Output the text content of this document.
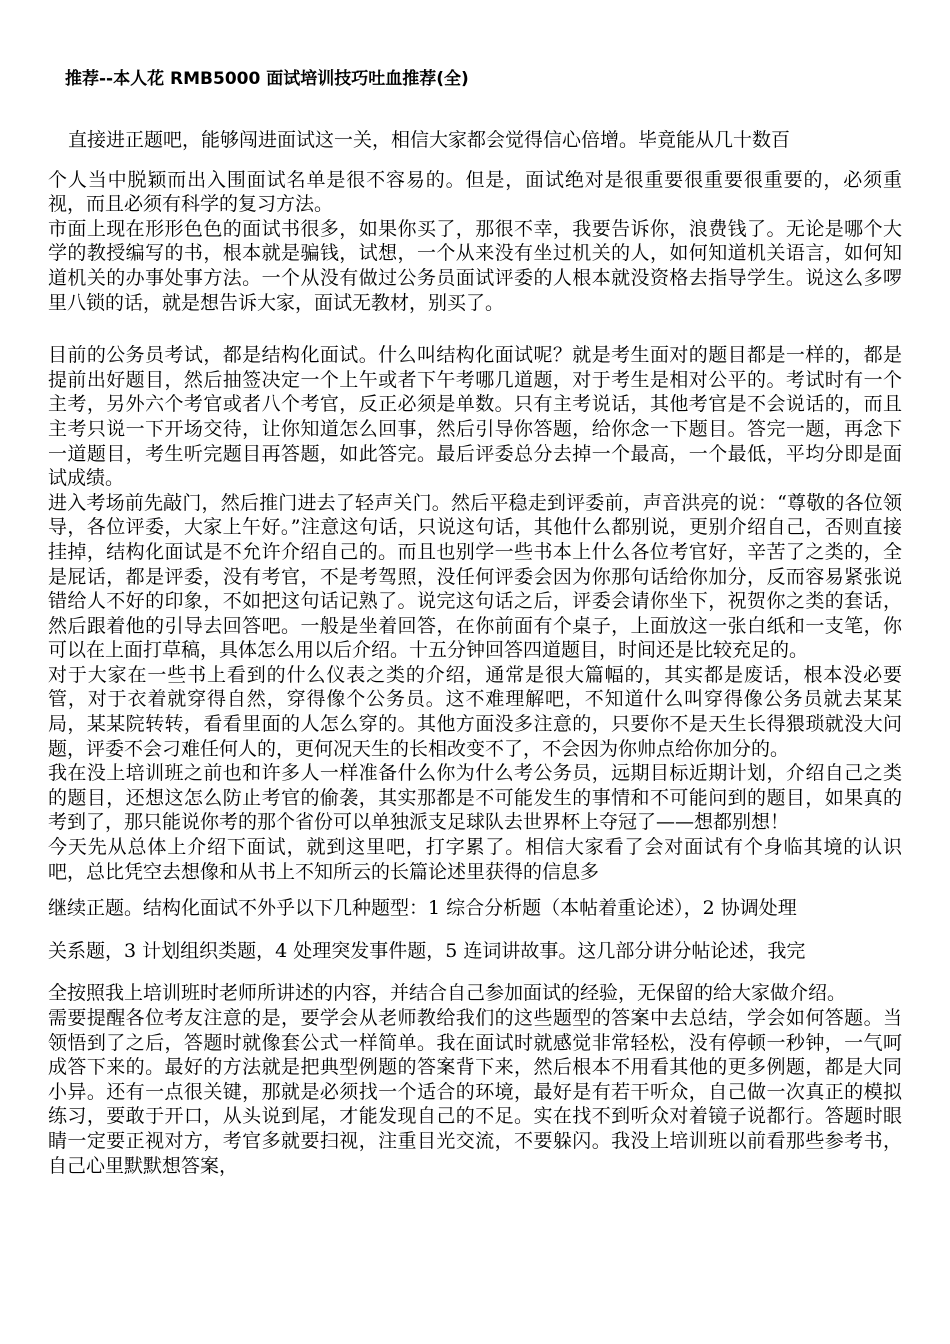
推荐--本人花 RMB5000 面试培训技巧吐血推荐(全)

直接进正题吧，能够闯进面试这一关，相信大家都会觉得信心倍增。毕竟能从几十数百

个人当中脱颖而出入围面试名单是很不容易的。但是，面试绝对是很重要很重要很重要的，必须重视，而且必须有科学的复习方法。

市面上现在形形色色的面试书很多，如果你买了，那很不幸，我要告诉你，浪费钱了。无论是哪个大学的教授编写的书，根本就是骗钱，试想，一个从来没有坐过机关的人，如何知道机关语言，如何知道机关的办事处事方法。一个从没有做过公务员面试评委的人根本就没资格去指导学生。说这么多啰里八锁的话，就是想告诉大家，面试无教材，别买了。

目前的公务员考试，都是结构化面试。什么叫结构化面试呢？就是考生面对的题目都是一样的，都是提前出好题目，然后抽签决定一个上午或者下午考哪几道题，对于考生是相对公平的。考试时有一个主考，另外六个考官或者八个考官，反正必须是单数。只有主考说话，其他考官是不会说话的，而且主考只说一下开场交待，让你知道怎么回事，然后引导你答题，给你念一下题目。答完一题，再念下一道题目，考生听完题目再答题，如此答完。最后评委总分去掉一个最高，一个最低，平均分即是面试成绩。

进入考场前先敲门，然后推门进去了轻声关门。然后平稳走到评委前，声音洪亮的说：“尊敬的各位领导，各位评委，大家上午好。”注意这句话，只说这句话，其他什么都别说，更别介绍自己，否则直接挂掉，结构化面试是不允许介绍自己的。而且也别学一些书本上什么各位考官好，辛苦了之类的，全是屁话，都是评委，没有考官，不是考驾照，没任何评委会因为你那句话给你加分，反而容易紧张说错给人不好的印象，不如把这句话记熟了。说完这句话之后，评委会请你坐下，祝贺你之类的套话，然后跟着他的引导去回答吧。一般是坐着回答，在你前面有个桌子，上面放这一张白纸和一支笔，你可以在上面打草稿，具体怎么用以后介绍。十五分钟回答四道题目，时间还是比较充足的。

对于大家在一些书上看到的什么仪表之类的介绍，通常是很大篇幅的，其实都是废话，根本没必要管，对于衣着就穿得自然，穿得像个公务员。这不难理解吧，不知道什么叫穿得像公务员就去某某局，某某院转转，看看里面的人怎么穿的。其他方面没多注意的，只要你不是天生长得猥琐就没大问题，评委不会刁难任何人的，更何况天生的长相改变不了，不会因为你帅点给你加分的。

我在没上培训班之前也和许多人一样准备什么你为什么考公务员，远期目标近期计划，介绍自己之类的题目，还想这怎么防止考官的偷袭，其实那都是不可能发生的事情和不可能问到的题目，如果真的考到了，那只能说你考的那个省份可以单独派支足球队去世界杯上夺冠了——想都别想！

今天先从总体上介绍下面试，就到这里吧，打字累了。相信大家看了会对面试有个身临其境的认识吧，总比凭空去想像和从书上不知所云的长篇论述里获得的信息多

继续正题。结构化面试不外乎以下几种题型：1 综合分析题（本帖着重论述），2 协调处理

关系题，3 计划组织类题，4 处理突发事件题，5 连词讲故事。这几部分讲分帖论述，我完

全按照我上培训班时老师所讲述的内容，并结合自己参加面试的经验，无保留的给大家做介绍。

需要提醒各位考友注意的是，要学会从老师教给我们的这些题型的答案中去总结，学会如何答题。当领悟到了之后，答题时就像套公式一样简单。我在面试时就感觉非常轻松，没有停顿一秒钟，一气呵成答下来的。最好的方法就是把典型例题的答案背下来，然后根本不用看其他的更多例题，都是大同小异。还有一点很关键，那就是必须找一个适合的环境，最好是有若干听众，自己做一次真正的模拟练习，要敢于开口，从头说到尾，才能发现自己的不足。实在找不到听众对着镜子说都行。答题时眼睛一定要正视对方，考官多就要扫视，注重目光交流，不要躲闪。我没上培训班以前看那些参考书，自己心里默默想答案，
